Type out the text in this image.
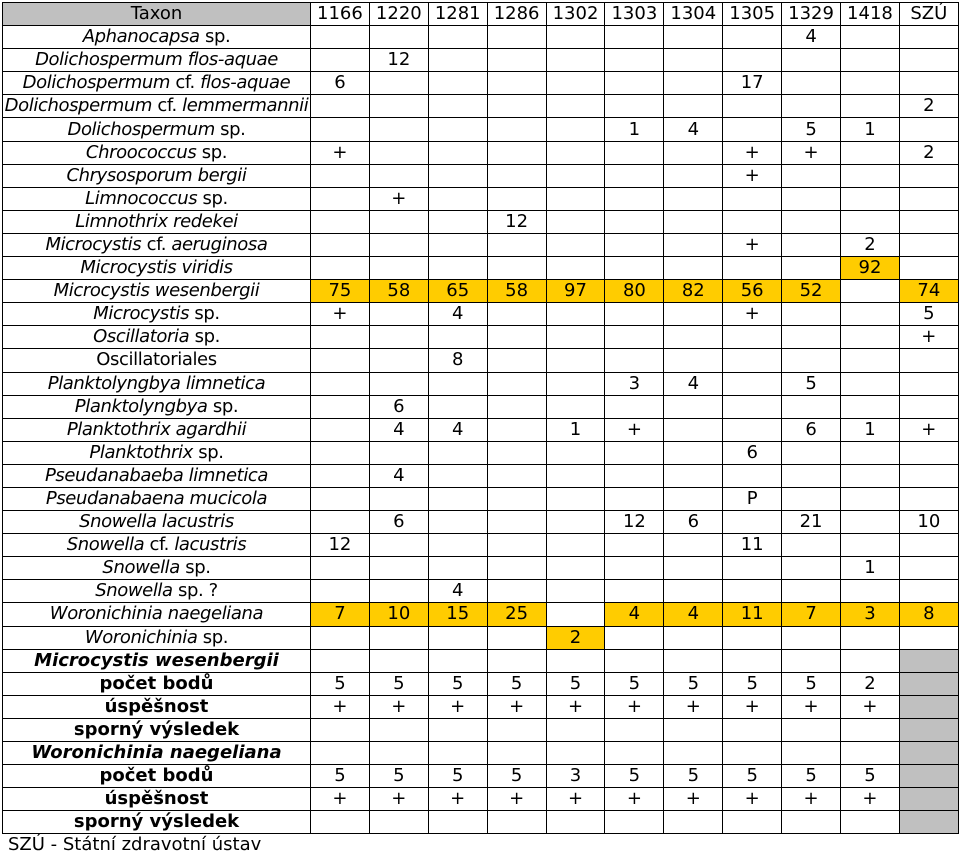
Taxon	1166	1220	1281	1286	1302	1303	1304	1305	1329	1418	SZÚ
Aphanocapsa sp.									4		
Dolichospermum flos-aquae		12									
Dolichospermum cf. flos-aquae	6							17			
Dolichospermum cf. lemmermannii											2
Dolichospermum sp.						1	4		5	1	
Chroococcus sp.	+							+	+		2
Chrysosporum bergii								+			
Limnococcus sp.		+									
Limnothrix redekei				12							
Microcystis cf. aeruginosa								+		2	
Microcystis viridis										92	
Microcystis wesenbergii	75	58	65	58	97	80	82	56	52		74
Microcystis sp.	+		4					+			5
Oscillatoria sp.											+
Oscillatoriales			8								
Planktolyngbya limnetica						3	4		5		
Planktolyngbya sp.		6									
Planktothrix agardhii		4	4		1	+			6	1	+
Planktothrix sp.								6			
Pseudanabaeba limnetica		4									
Pseudanabaena mucicola								P			
Snowella lacustris		6				12	6		21		10
Snowella cf. lacustris	12							11			
Snowella sp.										1	
Snowella sp. ?			4								
Woronichinia naegeliana	7	10	15	25		4	4	11	7	3	8
Woronichinia sp.					2						
Microcystis wesenbergii											
počet bodů	5	5	5	5	5	5	5	5	5	2	
úspěšnost	+	+	+	+	+	+	+	+	+	+	
sporný výsledek											
Woronichinia naegeliana											
počet bodů	5	5	5	5	3	5	5	5	5	5	
úspěšnost	+	+	+	+	+	+	+	+	+	+	
sporný výsledek											
SZÚ - Státní zdravotní ústav
